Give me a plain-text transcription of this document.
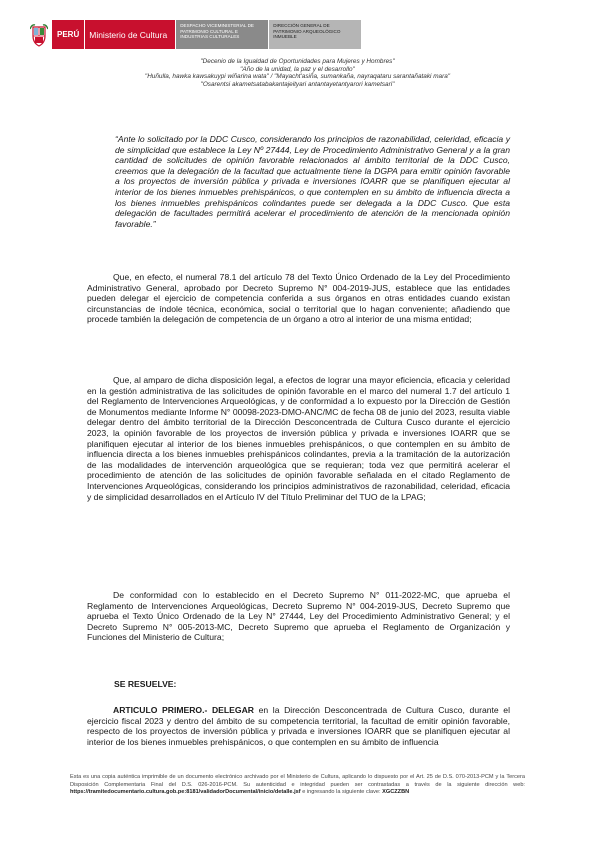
PERÚ	Ministerio de Cultura
DESPACHO VICEMINISTERIAL DE PATRIMONIO CULTURAL E INDUSTRIAS CULTURALES
DIRECCIÓN GENERAL DE PATRIMONIO ARQUEOLÓGICO INMUEBLE
"Decenio de la Igualdad de Oportunidades para Mujeres y Hombres"
"Año de la unidad, la paz y el desarrollo"
"Huñulla, hawka kawsakuypi wiñarina wata" / "Mayacht'asiña, sumankaña, nayraqataru sarantañataki mara"
"Osarentsi akametsatabakantajeityari antantayetantyarori kametsari"
“Ante lo solicitado por la DDC Cusco, considerando los principios de razonabilidad, celeridad, eficacia y de simplicidad que establece la Ley Nº 27444, Ley de Procedimiento Administrativo General y a la gran cantidad de solicitudes de opinión favorable relacionados al ámbito territorial de la DDC Cusco, creemos que la delegación de la facultad que actualmente tiene la DGPA para emitir opinión favorable a los proyectos de inversión pública y privada e inversiones IOARR que se planifiquen ejecutar al interior de los bienes inmuebles prehispánicos, o que contemplen en su ámbito de influencia directa a los bienes inmuebles prehispánicos colindantes puede ser delegada a la DDC Cusco. Que esta delegación de facultades permitirá acelerar el procedimiento de atención de la mencionada opinión favorable.”
Que, en efecto, el numeral 78.1 del artículo 78 del Texto Único Ordenado de la Ley del Procedimiento Administrativo General, aprobado por Decreto Supremo N° 004-2019-JUS, establece que las entidades pueden delegar el ejercicio de competencia conferida a sus órganos en otras entidades cuando existan circunstancias de índole técnica, económica, social o territorial que lo hagan conveniente; añadiendo que procede también la delegación de competencia de un órgano a otro al interior de una misma entidad;
Que, al amparo de dicha disposición legal, a efectos de lograr una mayor eficiencia, eficacia y celeridad en la gestión administrativa de las solicitudes de opinión favorable en el marco del numeral 1.7 del artículo 1 del Reglamento de Intervenciones Arqueológicas, y de conformidad a lo expuesto por la Dirección de Gestión de Monumentos mediante Informe N° 00098-2023-DMO-ANC/MC de fecha 08 de junio del 2023, resulta viable delegar dentro del ámbito territorial de la Dirección Desconcentrada de Cultura Cusco durante el ejercicio 2023, la opinión favorable de los proyectos de inversión pública y privada e inversiones IOARR que se planifiquen ejecutar al interior de los bienes inmuebles prehispánicos, o que contemplen en su ámbito de influencia directa a los bienes inmuebles prehispánicos colindantes, previa a la tramitación de la autorización de las modalidades de intervención arqueológica que se requieran; toda vez que permitirá acelerar el procedimiento de atención de las solicitudes de opinión favorable señalada en el citado Reglamento de Intervenciones Arqueológicas, considerando los principios administrativos de razonabilidad, celeridad, eficacia y de simplicidad desarrollados en el Artículo IV del Título Preliminar del TUO de la LPAG;
De conformidad con lo establecido en el Decreto Supremo N° 011-2022-MC, que aprueba el Reglamento de Intervenciones Arqueológicas, Decreto Supremo N° 004-2019-JUS, Decreto Supremo que aprueba el Texto Único Ordenado de la Ley N° 27444, Ley del Procedimiento Administrativo General; y el Decreto Supremo N° 005-2013-MC, Decreto Supremo que aprueba el Reglamento de Organización y Funciones del Ministerio de Cultura;
SE RESUELVE:
ARTICULO PRIMERO.- DELEGAR en la Dirección Desconcentrada de Cultura Cusco, durante el ejercicio fiscal 2023 y dentro del ámbito de su competencia territorial, la facultad de emitir opinión favorable, respecto de los proyectos de inversión pública y privada e inversiones IOARR que se planifiquen ejecutar al interior de los bienes inmuebles prehispánicos, o que contemplen en su ámbito de influencia
Esta es una copia auténtica imprimible de un documento electrónico archivado por el Ministerio de Cultura, aplicando lo dispuesto por el Art. 25 de D.S. 070-2013-PCM y la Tercera Disposición Complementaria Final del D.S. 026-2016-PCM. Su autenticidad e integridad pueden ser contrastadas a través de la siguiente dirección web: https://tramitedocumentario.cultura.gob.pe:8181/validadorDocumental/inicio/detalle.jsf e ingresando la siguiente clave: XGCZZBN
